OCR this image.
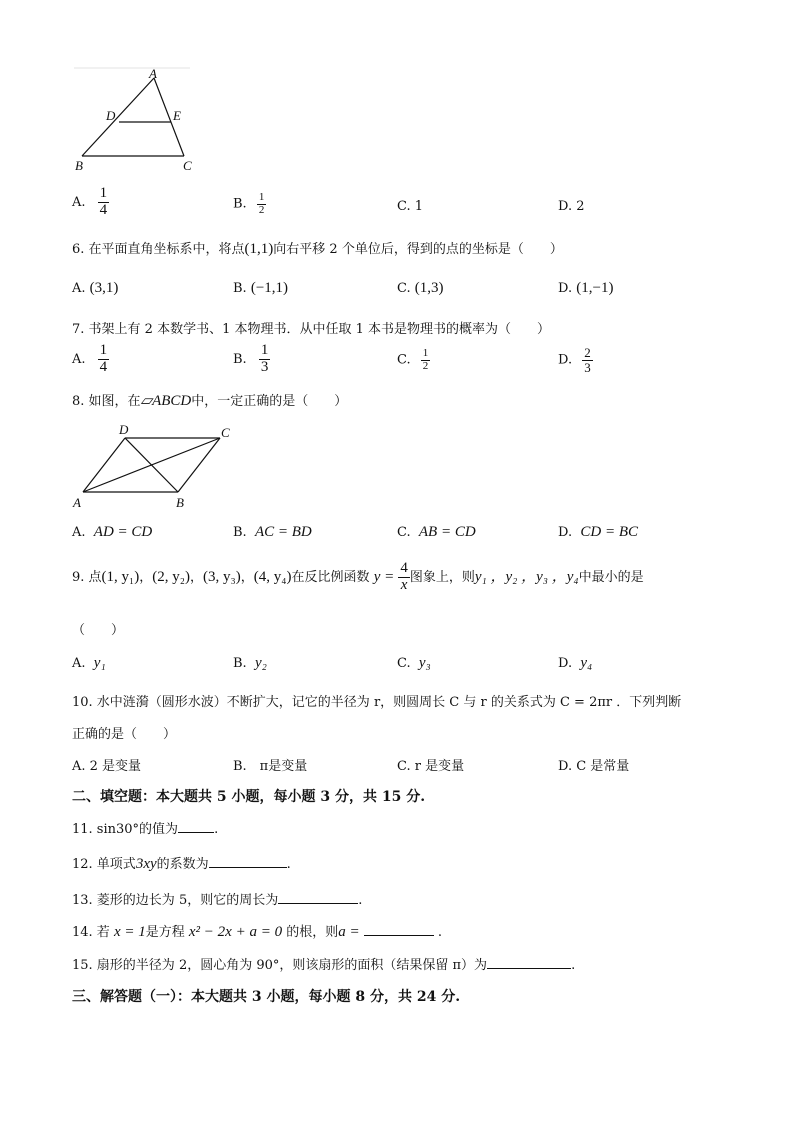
A
D	E
B	C
A. $\frac{1}{4}$	B. $\frac{1}{2}$	C. 1	D. 2
6. 在平面直角坐标系中，将点(1,1)向右平移 2 个单位后，得到的点的坐标是（　　）
A. (3,1)	B. (−1,1)	C. (1,3)	D. (1,−1)
7. 书架上有 2 本数学书、1 本物理书．从中任取 1 本书是物理书的概率为（　　）
A. $\frac{1}{4}$	B. $\frac{1}{3}$	C. $\frac{1}{2}$	D. $\frac{2}{3}$
8. 如图，在▱ABCD中，一定正确的是（　　）
D	C
A	B
A. AD = CD	B. AC = BD	C. AB = CD	D. CD = BC
9. 点(1, y₁)，(2, y₂)，(3, y₃)，(4, y₄)在反比例函数 $y = \frac{4}{x}$ 图象上，则y₁ ，y₂ ，y₃ ，y₄中最小的是
（　　）
A. y₁	B. y₂	C. y₃	D. y₄
10. 水中涟漪（圆形水波）不断扩大，记它的半径为 r，则圆周长 C 与 r 的关系式为 C = 2πr ．下列判断
正确的是（　　）
A. 2 是变量	B.　π是变量	C. r 是变量	D. C 是常量
二、填空题：本大题共 5 小题，每小题 3 分，共 15 分.
11. sin30°的值为	.
12. 单项式3xy的系数为	.
13. 菱形的边长为 5，则它的周长为	.
14. 若 x = 1是方程 x² − 2x + a = 0 的根，则a =	.
15. 扇形的半径为 2，圆心角为 90°，则该扇形的面积（结果保留 π）为	.
三、解答题（一）：本大题共 3 小题，每小题 8 分，共 24 分.
